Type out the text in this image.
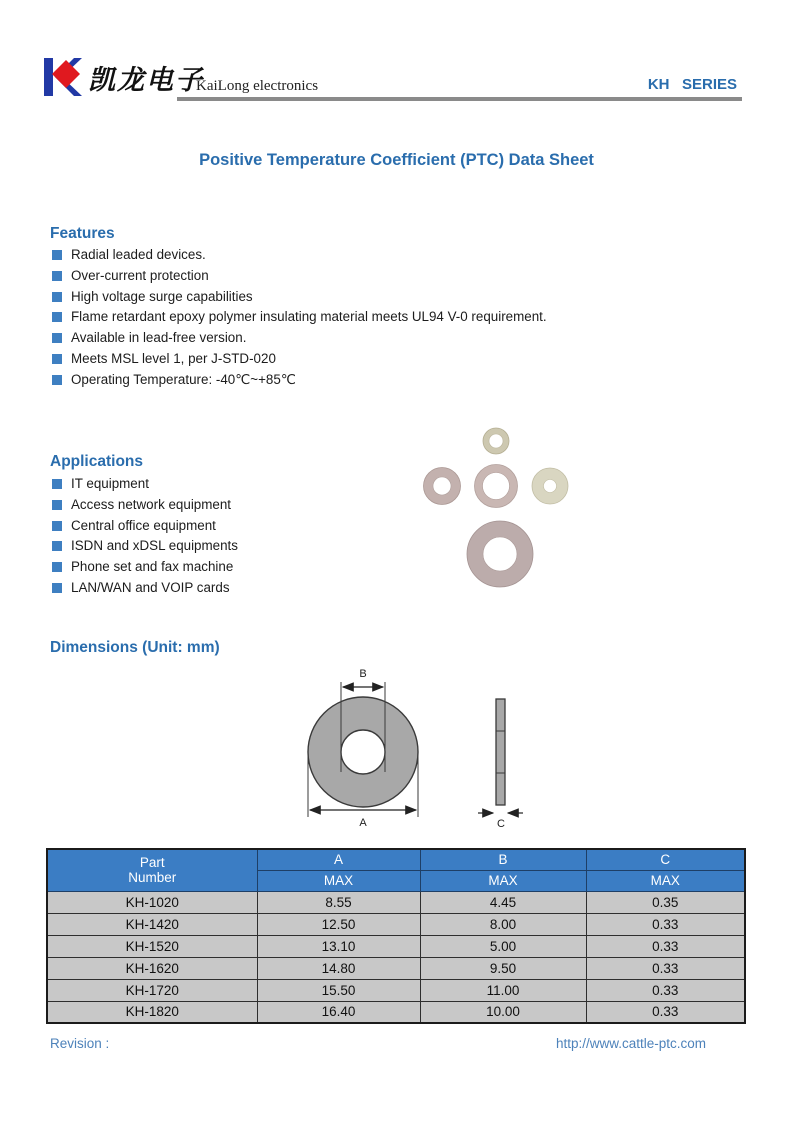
凯龙电子
KaiLong electronics	KH   SERIES
Positive Temperature Coefficient (PTC) Data Sheet
Features
Radial leaded devices.
Over-current protection
High voltage surge capabilities
Flame retardant epoxy polymer insulating material meets UL94 V-0 requirement.
Available in lead-free version.
Meets MSL level 1, per J-STD-020
Operating Temperature: -40℃~+85℃
Applications
IT equipment
Access network equipment
Central office equipment
ISDN and xDSL equipments
Phone set and fax machine
LAN/WAN and VOIP cards
Dimensions (Unit: mm)
B
A	C
Part
Number	A	B	C
	MAX	MAX	MAX
KH-1020	8.55	4.45	0.35
KH-1420	12.50	8.00	0.33
KH-1520	13.10	5.00	0.33
KH-1620	14.80	9.50	0.33
KH-1720	15.50	11.00	0.33
KH-1820	16.40	10.00	0.33
Revision :	http://www.cattle-ptc.com
